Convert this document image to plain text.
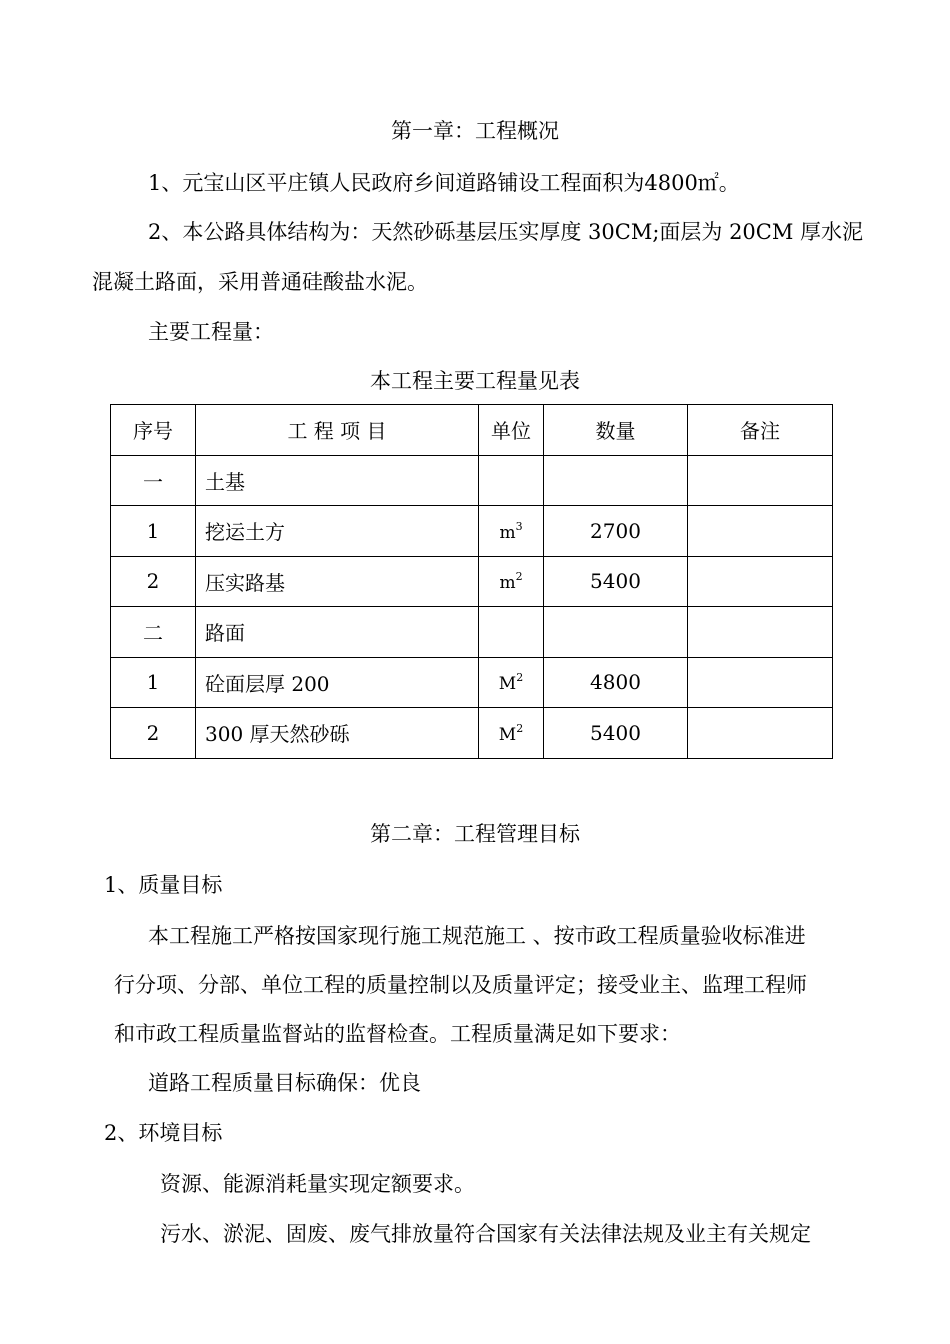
第一章：工程概况

1、元宝山区平庄镇人民政府乡间道路铺设工程面积为4800㎡。

2、本公路具体结构为：天然砂砾基层压实厚度 30CM;面层为 20CM 厚水泥

混凝土路面，采用普通硅酸盐水泥。

主要工程量：

本工程主要工程量见表

序号	工 程 项 目	单位	数量	备注
一	土基			
1	挖运土方	$m^3$	2700	
2	压实路基	$m^2$	5400	
二	路面			
1	砼面层厚 200	$M^2$	4800	
2	300 厚天然砂砾	$M^2$	5400	

第二章：工程管理目标

1、质量目标

本工程施工严格按国家现行施工规范施工 、按市政工程质量验收标准进

行分项、分部、单位工程的质量控制以及质量评定；接受业主、监理工程师

和市政工程质量监督站的监督检查。工程质量满足如下要求：

道路工程质量目标确保：优良

2、环境目标

资源、能源消耗量实现定额要求。

污水、淤泥、固废、废气排放量符合国家有关法律法规及业主有关规定
